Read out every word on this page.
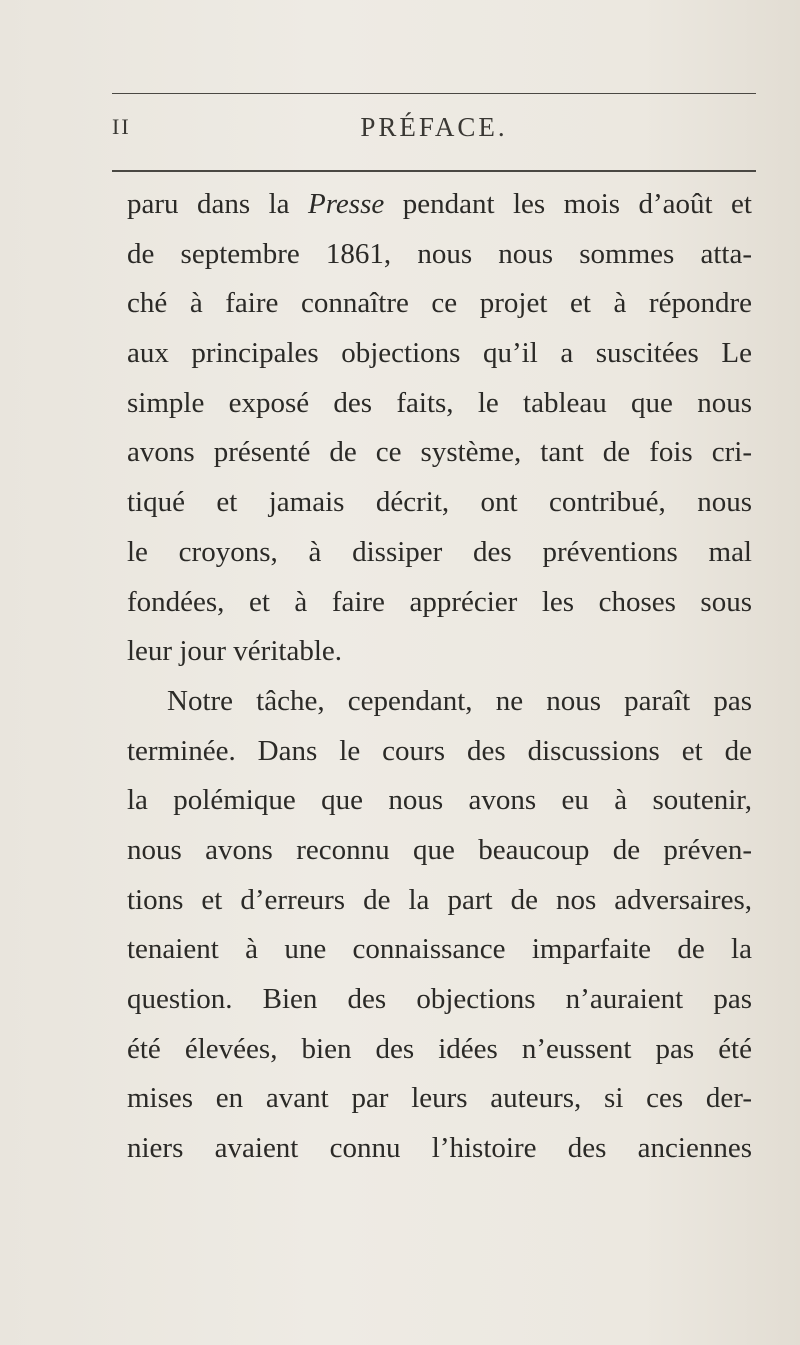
II	PRÉFACE.
paru dans la Presse pendant les mois d’août et
de septembre 1861, nous nous sommes atta-
ché à faire connaître ce projet et à répondre
aux principales objections qu’il a suscitées Le
simple exposé des faits, le tableau que nous
avons présenté de ce système, tant de fois cri-
tiqué et jamais décrit, ont contribué, nous
le croyons, à dissiper des préventions mal
fondées, et à faire apprécier les choses sous
leur jour véritable.
Notre tâche, cependant, ne nous paraît pas
terminée. Dans le cours des discussions et de
la polémique que nous avons eu à soutenir,
nous avons reconnu que beaucoup de préven-
tions et d’erreurs de la part de nos adversaires,
tenaient à une connaissance imparfaite de la
question. Bien des objections n’auraient pas
été élevées, bien des idées n’eussent pas été
mises en avant par leurs auteurs, si ces der-
niers avaient connu l’histoire des anciennes
